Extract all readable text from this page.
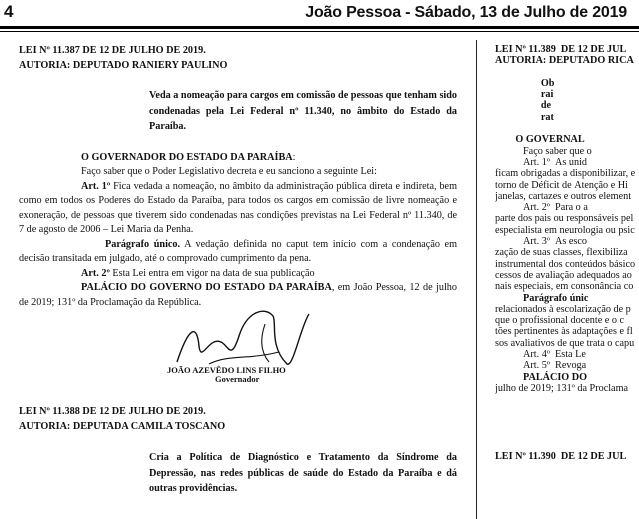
4	João Pessoa - Sábado, 13 de Julho de 2019

LEI Nº 11.387 DE 12 DE JULHO DE 2019.

AUTORIA: DEPUTADO RANIERY PAULINO

Veda a nomeação para cargos em comissão de pessoas que tenham sido condenadas pela Lei Federal nº 11.340, no âmbito do Estado da Paraíba.

O GOVERNADOR DO ESTADO DA PARAÍBA:

Faço saber que o Poder Legislativo decreta e eu sanciono a seguinte Lei:

Art. 1º Fica vedada a nomeação, no âmbito da administração pública direta e indireta, bem como em todos os Poderes do Estado da Paraíba, para todos os cargos em comissão de livre nomeação e exoneração, de pessoas que tiverem sido condenadas nas condições previstas na Lei Federal nº 11.340, de 7 de agosto de 2006 – Lei Maria da Penha.

Parágrafo único. A vedação definida no caput tem início com a condenação em decisão transitada em julgado, até o comprovado cumprimento da pena.

Art. 2º Esta Lei entra em vigor na data de sua publicação

PALÁCIO DO GOVERNO DO ESTADO DA PARAÍBA, em João Pessoa, 12 de julho de 2019; 131º da Proclamação da República.

JOÃO AZEVÊDO LINS FILHO
Governador

LEI Nº 11.388 DE 12 DE JULHO DE 2019.

AUTORIA: DEPUTADA CAMILA TOSCANO

Cria a Política de Diagnóstico e Tratamento da Síndrome da Depressão, nas redes públicas de saúde do Estado da Paraíba e dá outras providências.

LEI Nº 11.389  DE 12 DE JUL
AUTORIA: DEPUTADO RICA

Ob
rai
de
rat

O GOVERNAL
Faço saber que o
Art. 1º  As unid
ficam obrigadas a disponibilizar, e
torno de Déficit de Atenção e Hi
janelas, cartazes e outros element
Art. 2º  Para o a
parte dos pais ou responsáveis pel
especialista em neurologia ou psic
Art. 3º  As esco
zação de suas classes, flexibiliza
instrumental dos conteúdos básico
cessos de avaliação adequados ao
nais especiais, em consonância co
Parágrafo únic
relacionados à escolarização de p
que o profissional docente e o c
tões pertinentes às adaptações e fl
sos avaliativos de que trata o capu
Art. 4º  Esta Le
Art. 5º  Revoga
PALÁCIO DO
julho de 2019; 131º da Proclama

LEI Nº 11.390  DE 12 DE JUL
